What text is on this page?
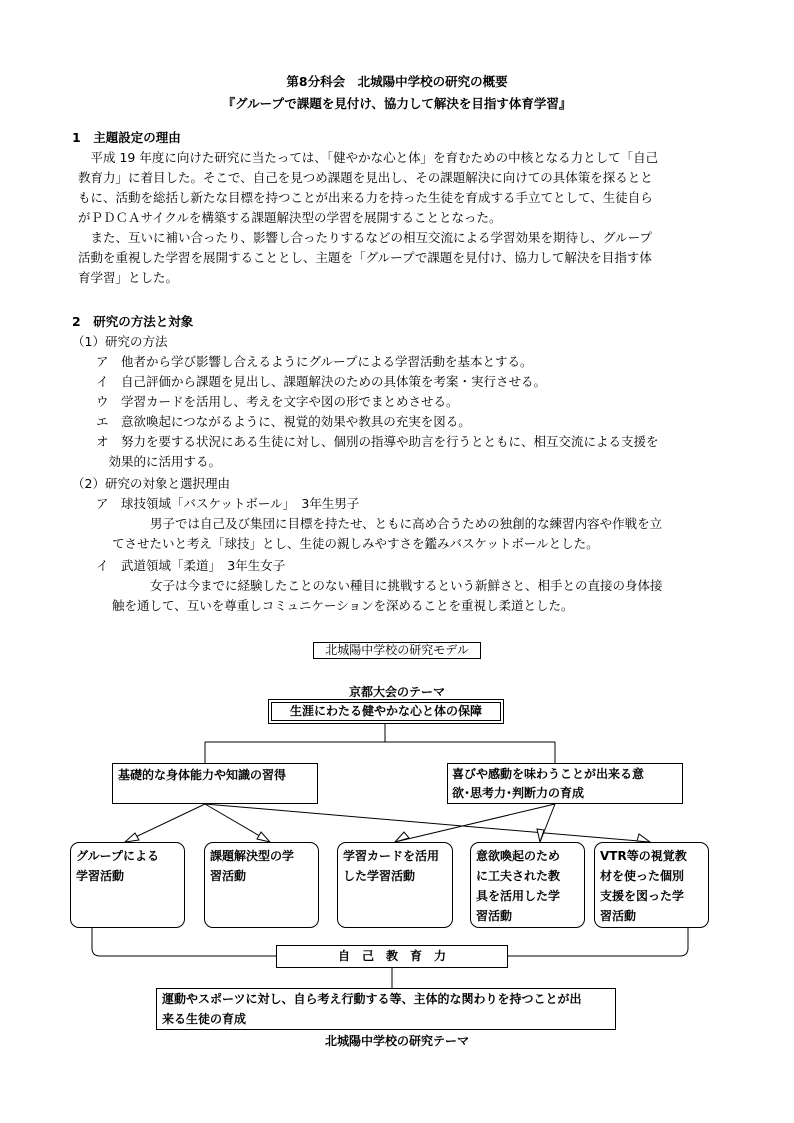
第8分科会　北城陽中学校の研究の概要
『グループで課題を見付け、協力して解決を目指す体育学習』
1　主題設定の理由
　平成 19 年度に向けた研究に当たっては、「健やかな心と体」を育むための中核となる力として「自己
教育力」に着目した。そこで、自己を見つめ課題を見出し、その課題解決に向けての具体策を探るとと
もに、活動を総括し新たな目標を持つことが出来る力を持った生徒を育成する手立てとして、生徒自ら
がＰＤＣＡサイクルを構築する課題解決型の学習を展開することとなった。
　また、互いに補い合ったり、影響し合ったりするなどの相互交流による学習効果を期待し、グループ
活動を重視した学習を展開することとし、主題を「グループで課題を見付け、協力して解決を目指す体
育学習」とした。
2　研究の方法と対象
（1）研究の方法
ア　他者から学び影響し合えるようにグループによる学習活動を基本とする。
イ　自己評価から課題を見出し、課題解決のための具体策を考案・実行させる。
ウ　学習カードを活用し、考えを文字や図の形でまとめさせる。
エ　意欲喚起につながるように、視覚的効果や教具の充実を図る。
オ　努力を要する状況にある生徒に対し、個別の指導や助言を行うとともに、相互交流による支援を
　効果的に活用する。
（2）研究の対象と選択理由
ア　球技領域「バスケットボール」　3年生男子
男子では自己及び集団に目標を持たせ、ともに高め合うための独創的な練習内容や作戦を立
てさせたいと考え「球技」とし、生徒の親しみやすさを鑑みバスケットボールとした。
イ　武道領域「柔道」　3年生女子
女子は今までに経験したことのない種目に挑戦するという新鮮さと、相手との直接の身体接
触を通して、互いを尊重しコミュニケーションを深めることを重視し柔道とした。
北城陽中学校の研究モデル
京都大会のテーマ
生涯にわたる健やかな心と体の保障
基礎的な身体能力や知識の習得	喜びや感動を味わうことが出来る意
欲･思考力･判断力の育成
グループによる
学習活動
課題解決型の学
習活動
学習カードを活用
した学習活動
意欲喚起のため
に工夫された教
具を活用した学
習活動
VTR等の視覚教
材を使った個別
支援を図った学
習活動
自　己　教　育　力
運動やスポーツに対し、自ら考え行動する等、主体的な関わりを持つことが出
来る生徒の育成
北城陽中学校の研究テーマ
